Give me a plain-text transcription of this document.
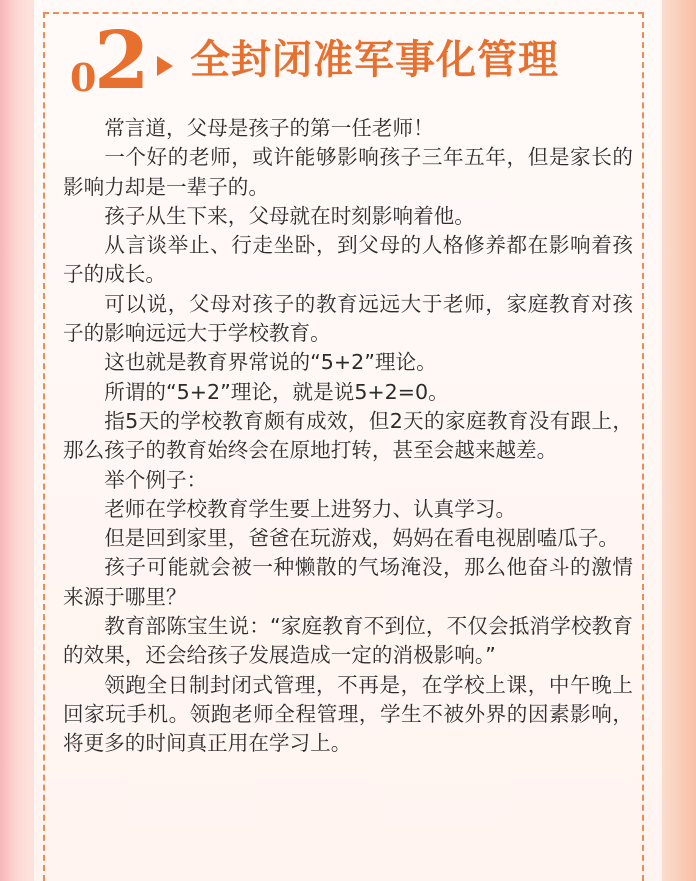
0
2 全封闭准军事化管理

常言道，父母是孩子的第一任老师！

一个好的老师，或许能够影响孩子三年五年，但是家长的影响力却是一辈子的。

孩子从生下来，父母就在时刻影响着他。

从言谈举止、行走坐卧，到父母的人格修养都在影响着孩子的成长。

可以说，父母对孩子的教育远远大于老师，家庭教育对孩子的影响远远大于学校教育。

这也就是教育界常说的“5+2”理论。

所谓的“5+2”理论，就是说5+2=0。

指5天的学校教育颇有成效，但2天的家庭教育没有跟上，那么孩子的教育始终会在原地打转，甚至会越来越差。

举个例子：

老师在学校教育学生要上进努力、认真学习。

但是回到家里，爸爸在玩游戏，妈妈在看电视剧嗑瓜子。

孩子可能就会被一种懒散的气场淹没，那么他奋斗的激情来源于哪里？

教育部陈宝生说：“家庭教育不到位，不仅会抵消学校教育的效果，还会给孩子发展造成一定的消极影响。”

领跑全日制封闭式管理，不再是，在学校上课，中午晚上回家玩手机。领跑老师全程管理，学生不被外界的因素影响，将更多的时间真正用在学习上。
